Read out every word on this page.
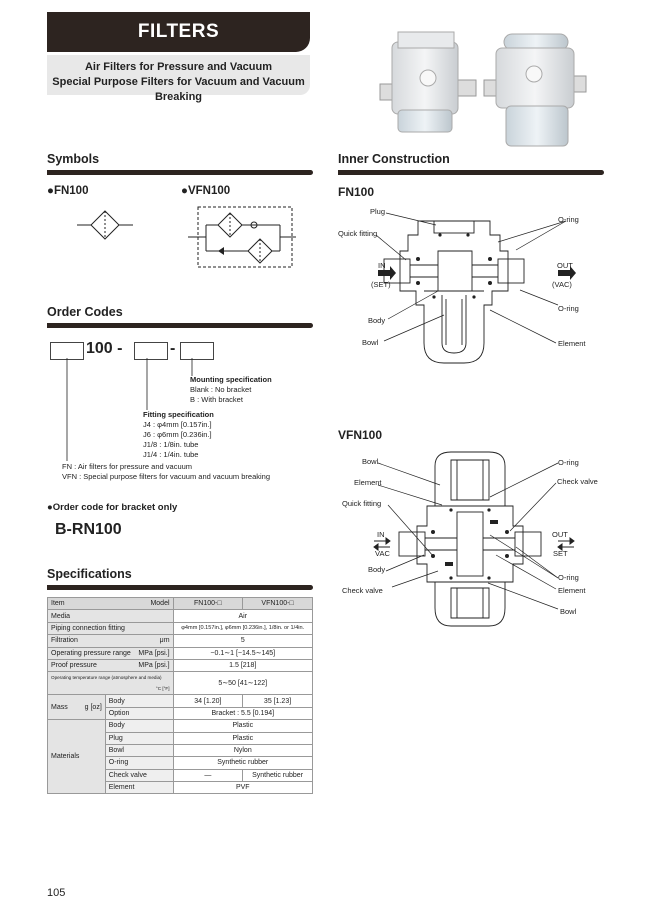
FILTERS
Air Filters for Pressure and Vacuum
Special Purpose Filters for Vacuum and Vacuum Breaking
Symbols
●FN100	●VFN100
Order Codes
100 -	-
Mounting specification
Blank : No bracket
B : With bracket
Fitting specification
J4 : φ4mm [0.157in.]
J6 : φ6mm [0.236in.]
J1/8 : 1/8in. tube
J1/4 : 1/4in. tube
FN : Air filters for pressure and vacuum
VFN : Special purpose filters for vacuum and vacuum breaking
●Order code for bracket only
B-RN100
Specifications
Item Model		FN100-□	VFN100-□
Media		Air	
Piping connection fitting		φ4mm [0.157in.], φ6mm [0.236in.], 1/8in. or 1/4in.	
Filtration μm		5	
Operating pressure range MPa [psi.]		−0.1∼1 [−14.5∼145]	
Proof pressure MPa [psi.]		1.5 [218]	
Operating temperature range (atmosphere and media)
°C [°F]		5∼50 [41∼122]	
Mass g [oz]	Body	34 [1.20]	35 [1.23]
	Option	Bracket : 5.5 [0.194]	
Materials	Body	Plastic	
	Plug	Plastic	
	Bowl	Nylon	
	O-ring	Synthetic rubber	
	Check valve	—	Synthetic rubber
	Element	PVF	
Inner Construction
FN100
Plug
Quick fitting
O-ring
IN
(SET)
OUT
(VAC)
O-ring
Body
Bowl	Element
VFN100
Bowl	O-ring
Element	Check valve
Quick fitting
IN
VAC
OUT
SET
Body
O-ring
Check valve	Element
Bowl
105
